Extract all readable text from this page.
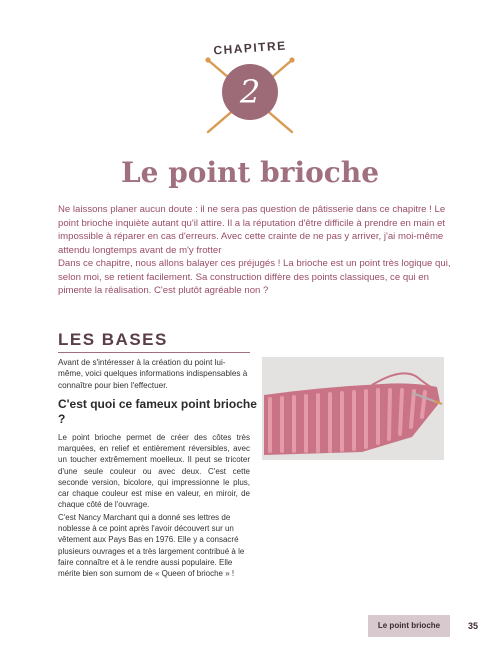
CHAPITRE
2
Le point brioche

Ne laissons planer aucun doute : il ne sera pas question de pâtisserie dans ce chapitre ! Le point brioche inquiète autant qu'il attire. Il a la réputation d'être difficile à prendre en main et impossible à réparer en cas d'erreurs. Avec cette crainte de ne pas y arriver, j'ai moi-même attendu longtemps avant de m'y frotter

Dans ce chapitre, nous allons balayer ces préjugés ! La brioche est un point très logique qui, selon moi, se retient facilement. Sa construction diffère des points classiques, ce qui en pimente la réalisation. C'est plutôt agréable non ?

LES BASES

Avant de s'intéresser à la création du point lui-même, voici quelques informations indispensables à connaître pour bien l'effectuer.

C'est quoi ce fameux point brioche ?

Le point brioche permet de créer des côtes très marquées, en relief et entièrement réversibles, avec un toucher extrêmement moelleux. Il peut se tricoter d'une seule couleur ou avec deux. C'est cette seconde version, bicolore, qui impressionne le plus, car chaque couleur est mise en valeur, en miroir, de chaque côté de l'ouvrage.

C'est Nancy Marchant qui a donné ses lettres de noblesse à ce point après l'avoir découvert sur un vêtement aux Pays Bas en 1976. Elle y a consacré plusieurs ouvrages et a très largement contribué à le faire connaître et à le rendre aussi populaire. Elle mérite bien son surnom de « Queen of brioche » !

Le point brioche	35
